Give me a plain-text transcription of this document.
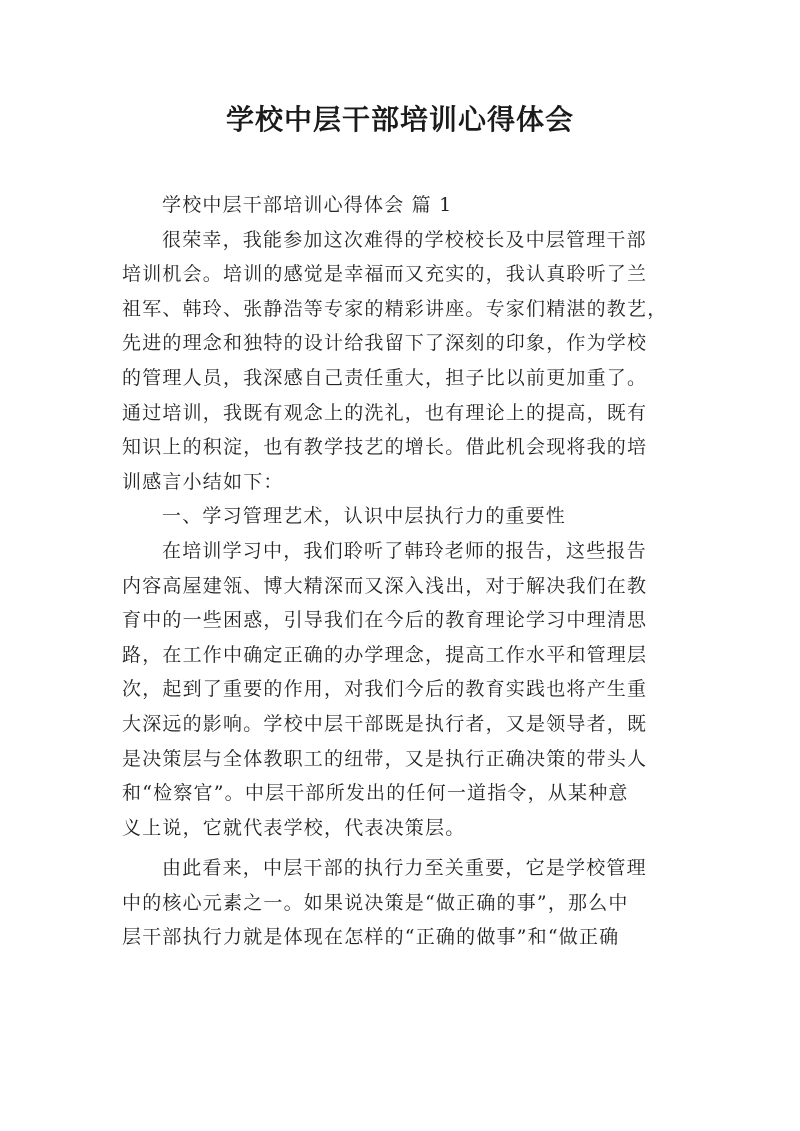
学校中层干部培训心得体会
学校中层干部培训心得体会 篇 1
很荣幸，我能参加这次难得的学校校长及中层管理干部
培训机会。培训的感觉是幸福而又充实的，我认真聆听了兰
祖军、韩玲、张静浩等专家的精彩讲座。专家们精湛的教艺，
先进的理念和独特的设计给我留下了深刻的印象，作为学校
的管理人员，我深感自己责任重大，担子比以前更加重了。
通过培训，我既有观念上的洗礼，也有理论上的提高，既有
知识上的积淀，也有教学技艺的增长。借此机会现将我的培
训感言小结如下：
一、学习管理艺术，认识中层执行力的重要性
在培训学习中，我们聆听了韩玲老师的报告，这些报告
内容高屋建瓴、博大精深而又深入浅出，对于解决我们在教
育中的一些困惑，引导我们在今后的教育理论学习中理清思
路，在工作中确定正确的办学理念，提高工作水平和管理层
次，起到了重要的作用，对我们今后的教育实践也将产生重
大深远的影响。学校中层干部既是执行者，又是领导者，既
是决策层与全体教职工的纽带，又是执行正确决策的带头人
和“检察官”。中层干部所发出的任何一道指令，从某种意
义上说，它就代表学校，代表决策层。
由此看来，中层干部的执行力至关重要，它是学校管理
中的核心元素之一。如果说决策是“做正确的事”，那么中
层干部执行力就是体现在怎样的“正确的做事”和“做正确
